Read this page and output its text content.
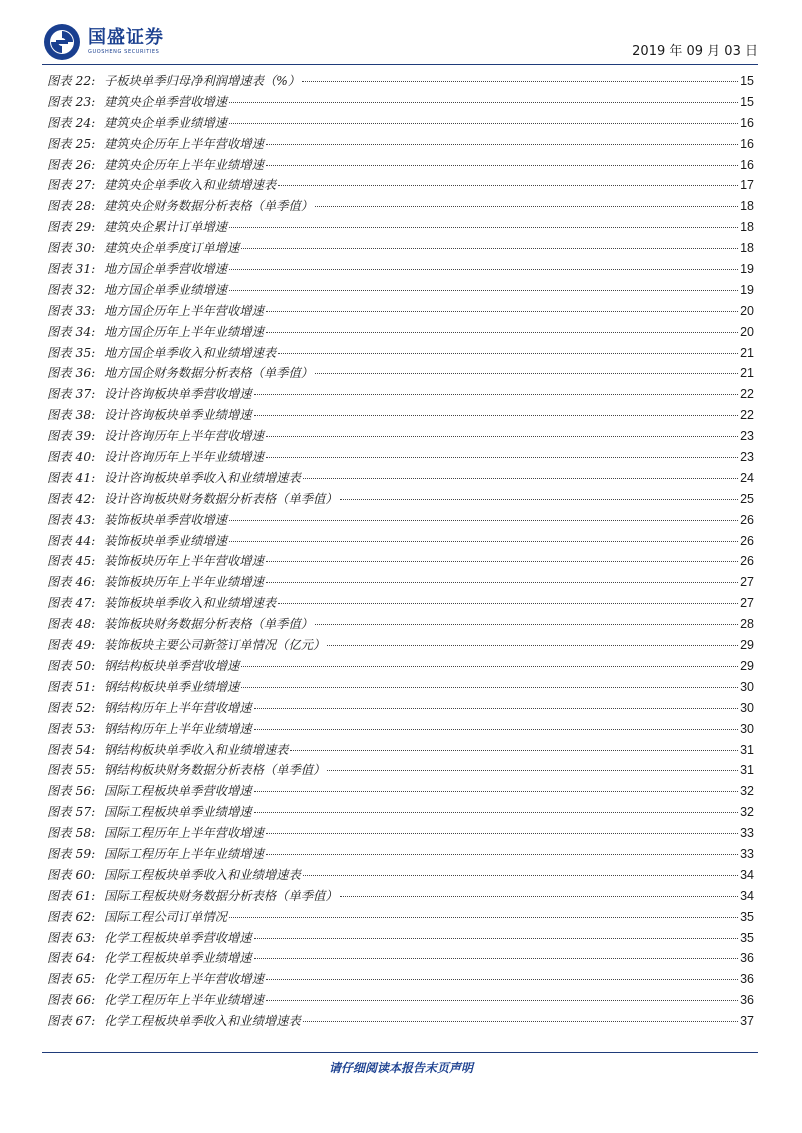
国盛证券
GUOSHENG SECURITIES	2019 年 09 月 03 日
图表 22: 子板块单季归母净利润增速表（%）	15
图表 23: 建筑央企单季营收增速	15
图表 24: 建筑央企单季业绩增速	16
图表 25: 建筑央企历年上半年营收增速	16
图表 26: 建筑央企历年上半年业绩增速	16
图表 27: 建筑央企单季收入和业绩增速表	17
图表 28: 建筑央企财务数据分析表格（单季值）	18
图表 29: 建筑央企累计订单增速	18
图表 30: 建筑央企单季度订单增速	18
图表 31: 地方国企单季营收增速	19
图表 32: 地方国企单季业绩增速	19
图表 33: 地方国企历年上半年营收增速	20
图表 34: 地方国企历年上半年业绩增速	20
图表 35: 地方国企单季收入和业绩增速表	21
图表 36: 地方国企财务数据分析表格（单季值）	21
图表 37: 设计咨询板块单季营收增速	22
图表 38: 设计咨询板块单季业绩增速	22
图表 39: 设计咨询历年上半年营收增速	23
图表 40: 设计咨询历年上半年业绩增速	23
图表 41: 设计咨询板块单季收入和业绩增速表	24
图表 42: 设计咨询板块财务数据分析表格（单季值）	25
图表 43: 装饰板块单季营收增速	26
图表 44: 装饰板块单季业绩增速	26
图表 45: 装饰板块历年上半年营收增速	26
图表 46: 装饰板块历年上半年业绩增速	27
图表 47: 装饰板块单季收入和业绩增速表	27
图表 48: 装饰板块财务数据分析表格（单季值）	28
图表 49: 装饰板块主要公司新签订单情况（亿元）	29
图表 50: 钢结构板块单季营收增速	29
图表 51: 钢结构板块单季业绩增速	30
图表 52: 钢结构历年上半年营收增速	30
图表 53: 钢结构历年上半年业绩增速	30
图表 54: 钢结构板块单季收入和业绩增速表	31
图表 55: 钢结构板块财务数据分析表格（单季值）	31
图表 56: 国际工程板块单季营收增速	32
图表 57: 国际工程板块单季业绩增速	32
图表 58: 国际工程历年上半年营收增速	33
图表 59: 国际工程历年上半年业绩增速	33
图表 60: 国际工程板块单季收入和业绩增速表	34
图表 61: 国际工程板块财务数据分析表格（单季值）	34
图表 62: 国际工程公司订单情况	35
图表 63: 化学工程板块单季营收增速	35
图表 64: 化学工程板块单季业绩增速	36
图表 65: 化学工程历年上半年营收增速	36
图表 66: 化学工程历年上半年业绩增速	36
图表 67: 化学工程板块单季收入和业绩增速表	37
请仔细阅读本报告末页声明
